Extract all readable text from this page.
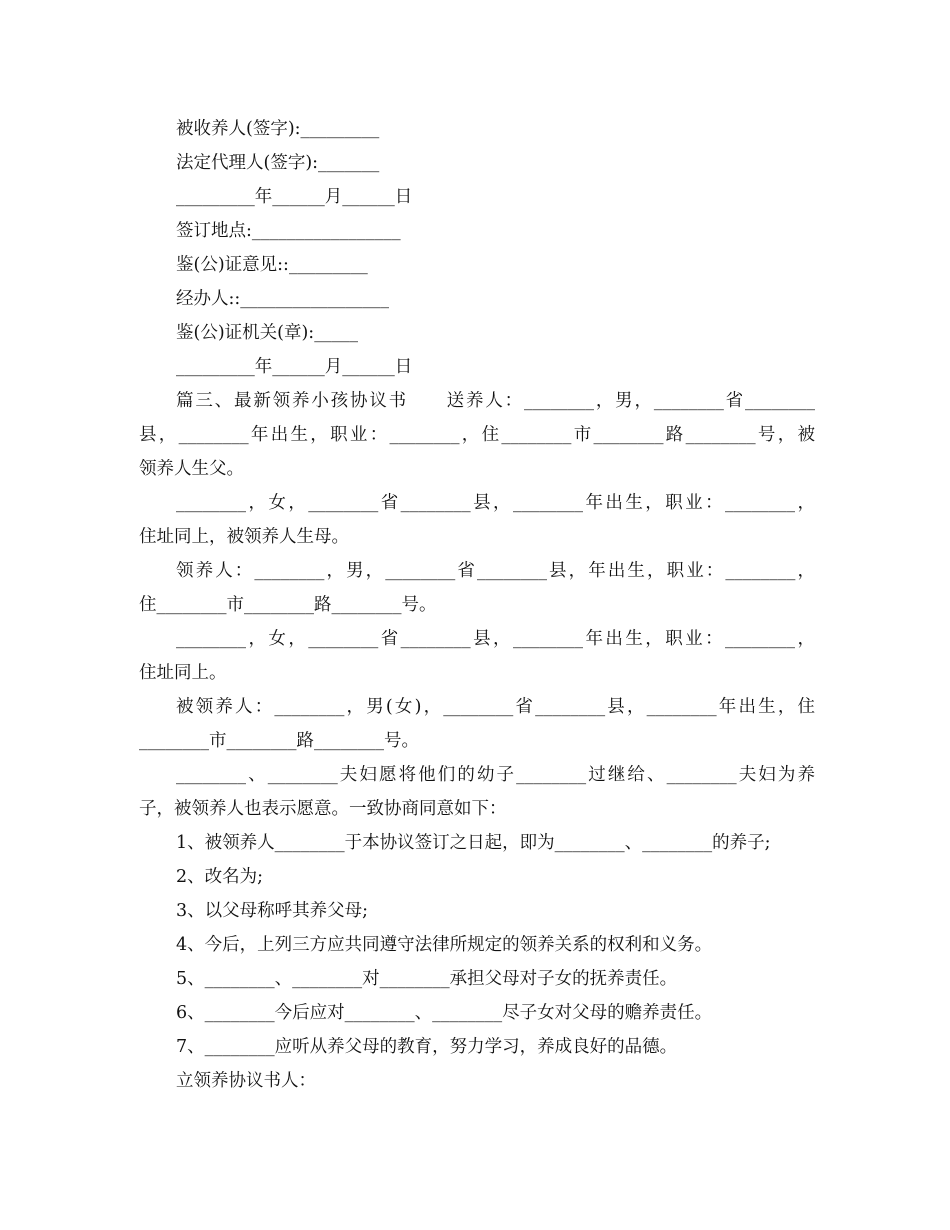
被收养人(签字):_________
法定代理人(签字):_______
_________年______月______日
签订地点:_________________
鉴(公)证意见::_________
经办人::_________________
鉴(公)证机关(章):_____
_________年______月______日
篇三、最新领养小孩协议书　　送养人：________，男，________省________
县，________年出生，职业：________，住________市________路________号，被
领养人生父。
________，女，________省________县，________年出生，职业：________，
住址同上，被领养人生母。
领养人：________，男，________省________县，年出生，职业：________，
住________市________路________号。
________，女，________省________县，________年出生，职业：________，
住址同上。
被领养人：________，男(女)，________省________县，________年出生，住
________市________路________号。
________、________夫妇愿将他们的幼子________过继给、________夫妇为养
子，被领养人也表示愿意。一致协商同意如下：
1、被领养人________于本协议签订之日起，即为________、________的养子;
2、改名为;
3、以父母称呼其养父母;
4、今后，上列三方应共同遵守法律所规定的领养关系的权利和义务。
5、________、________对________承担父母对子女的抚养责任。
6、________今后应对________、________尽子女对父母的赡养责任。
7、________应听从养父母的教育，努力学习，养成良好的品德。
立领养协议书人：
